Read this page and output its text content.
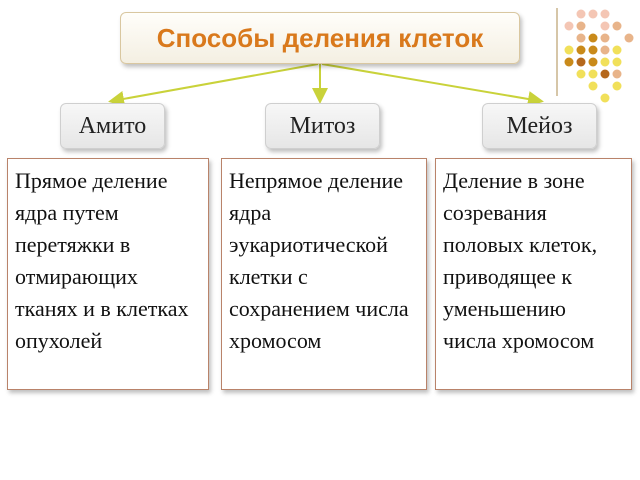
Способы деления клеток
Амито	Митоз	Мейоз
Прямое деление ядра путем перетяжки в отмирающих тканях и в клетках опухолей
Непрямое деление ядра эукариотической клетки с сохранением числа хромосом
Деление в зоне созревания половых клеток, приводящее к уменьшению числа хромосом
